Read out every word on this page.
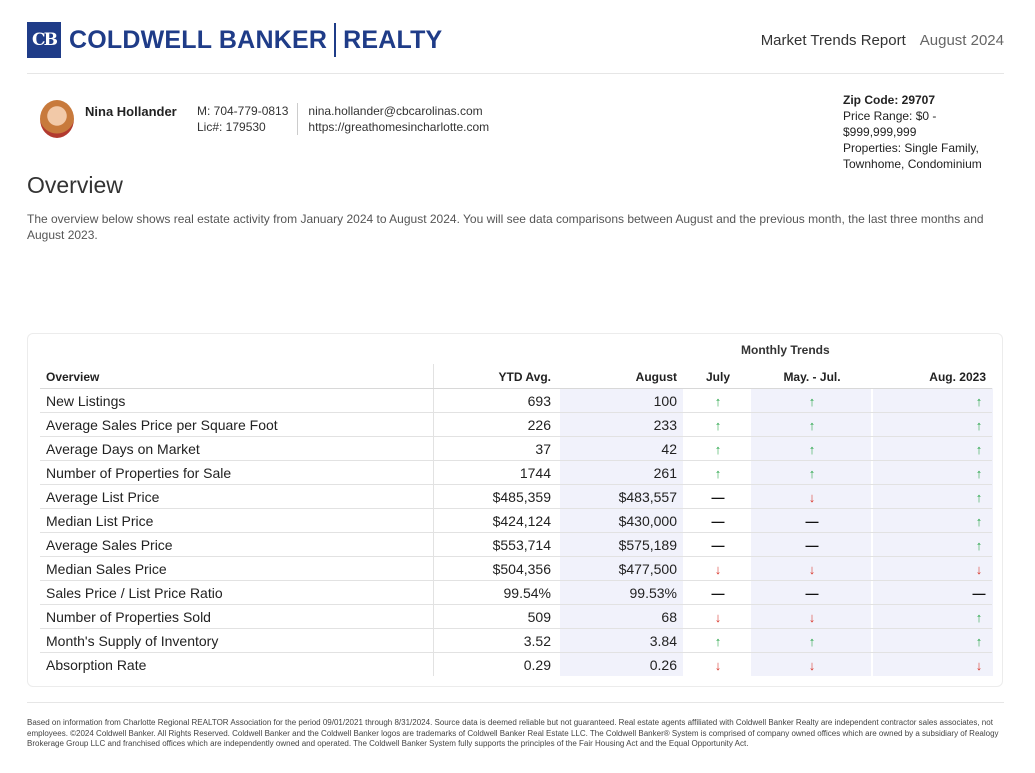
CB COLDWELL BANKER REALTY	Market Trends Report August 2024
Nina Hollander	M: 704-779-0813
Lic#: 179530
nina.hollander@cbcarolinas.com
https://greathomesincharlotte.com
Zip Code: 29707
Price Range: $0 -
$999,999,999
Properties: Single Family,
Townhome, Condominium
Overview
The overview below shows real estate activity from January 2024 to August 2024. You will see data comparisons between August and the previous month, the last three months and August 2023.
Monthly Trends
Overview	YTD Avg.	August	July	May. - Jul.	Aug. 2023
New Listings	693	100	↑	↑	↑
Average Sales Price per Square Foot	226	233	↑	↑	↑
Average Days on Market	37	42	↑	↑	↑
Number of Properties for Sale	1744	261	↑	↑	↑
Average List Price	$485,359	$483,557	—	↓	↑
Median List Price	$424,124	$430,000	—	—	↑
Average Sales Price	$553,714	$575,189	—	—	↑
Median Sales Price	$504,356	$477,500	↓	↓	↓
Sales Price / List Price Ratio	99.54%	99.53%	—	—	—
Number of Properties Sold	509	68	↓	↓	↑
Month's Supply of Inventory	3.52	3.84	↑	↑	↑
Absorption Rate	0.29	0.26	↓	↓	↓
Based on information from Charlotte Regional REALTOR Association for the period 09/01/2021 through 8/31/2024. Source data is deemed reliable but not guaranteed. Real estate agents affiliated with Coldwell Banker Realty are independent contractor sales associates, not employees. ©2024 Coldwell Banker. All Rights Reserved. Coldwell Banker and the Coldwell Banker logos are trademarks of Coldwell Banker Real Estate LLC. The Coldwell Banker® System is comprised of company owned offices which are owned by a subsidiary of Realogy Brokerage Group LLC and franchised offices which are independently owned and operated. The Coldwell Banker System fully supports the principles of the Fair Housing Act and the Equal Opportunity Act.
